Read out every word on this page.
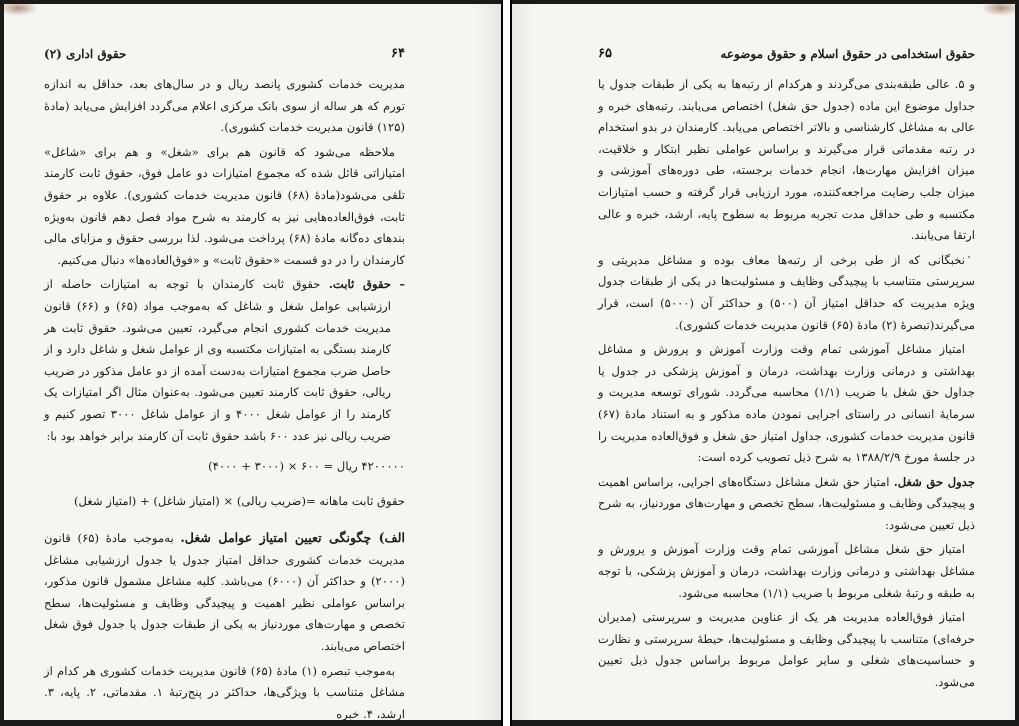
۶۴
حقوق اداری (۲)

مدیریت خدمات کشوری پانصد ریال و در سال‌های بعد، حداقل به اندازه تورم که هر ساله از سوی بانک مرکزی اعلام می‌گردد افزایش می‌یابد (مادۀ (۱۲۵) قانون مدیریت خدمات کشوری).

ملاحظه می‌شود که قانون هم برای «شغل» و هم برای «شاغل» امتیازاتی قائل شده که مجموع امتیازات دو عامل فوق، حقوق ثابت کارمند تلقی می‌شود(مادۀ (۶۸) قانون مدیریت خدمات کشوری). علاوه بر حقوق ثابت، فوق‌العاده‌هایی نیز به کارمند به شرح مواد فصل دهم قانون به‌ویژه بندهای ده‌گانه مادۀ (۶۸) پرداخت می‌شود. لذا بررسی حقوق و مزایای مالی کارمندان را در دو قسمت «حقوق ثابت» و «فوق‌العاده‌ها» دنبال می‌کنیم.

–
حقوق ثابت. حقوق ثابت کارمندان با توجه به امتیازات حاصله از ارزشیابی عوامل شغل و شاغل که به‌موجب مواد (۶۵) و (۶۶) قانون مدیریت خدمات کشوری انجام می‌گیرد، تعیین می‌شود. حقوق ثابت هر کارمند بستگی به امتیازات مکتسبه وی از عوامل شغل و شاغل دارد و از حاصل ضرب مجموع امتیازات به‌دست آمده از دو عامل مذکور در ضریب ریالی، حقوق ثابت کارمند تعیین می‌شود. به‌عنوان مثال اگر امتیازات یک کارمند را از عوامل شغل ۴۰۰۰ و از عوامل شاغل ۳۰۰۰ تصور کنیم و ضریب ریالی نیز عدد ۶۰۰ باشد حقوق ثابت آن کارمند برابر خواهد بود با:

۴۲۰۰۰۰۰ ریال = ۶۰۰ × (۳۰۰۰ + ۴۰۰۰)
حقوق ثابت ماهانه =(ضریب ریالی) × (امتیاز شاغل) + (امتیاز شغل)

الف) چگونگی تعیین امتیاز عوامل شغل. به‌موجب مادۀ (۶۵) قانون مدیریت خدمات کشوری حداقل امتیاز جدول یا جدول ارزشیابی مشاغل (۲۰۰۰) و حداکثر آن (۶۰۰۰) می‌باشد. کلیه مشاغل مشمول قانون مذکور، براساس عواملی نظیر اهمیت و پیچیدگی وظایف و مسئولیت‌ها، سطح تخصص و مهارت‌های موردنیاز به یکی از طبقات جدول یا جدول فوق شغل اختصاص می‌یابند.

به‌موجب تبصره (۱) مادۀ (۶۵) قانون مدیریت خدمات کشوری هر کدام از مشاغل متناسب با ویژگی‌ها، حداکثر در پنج‌رتبۀ ۱. مقدماتی، ۲. پایه، ۳. ارشد، ۴. خبره

حقوق استخدامی در حقوق اسلام و حقوق موضوعه
۶۵

و ۵. عالی طبقه‌بندی می‌گردند و هرکدام از رتبه‌ها به یکی از طبقات جدول یا جداول موضوع این ماده (جدول حق شغل) اختصاص می‌یابند. رتبه‌های خبره و عالی به مشاغل کارشناسی و بالاتر اختصاص می‌یابد. کارمندان در بدو استخدام در رتبه مقدماتی قرار می‌گیرند و براساس عواملی نظیر ابتکار و خلاقیت، میزان افزایش مهارت‌ها، انجام خدمات برجسته، طی دوره‌های آموزشی و میزان جلب رضایت مراجعه‌کننده، مورد ارزیابی قرار گرفته و حسب امتیازات مکتسبه و طی حداقل مدت تجربه مربوط به سطوح پایه، ارشد، خبره و عالی ارتقا می‌یابند.

نخبگانی که از طی برخی از رتبه‌ها معاف بوده و مشاغل مدیریتی و سرپرستی متناسب با پیچیدگی وظایف و مسئولیت‌ها در یکی از طبقات جدول ویژه مدیریت که حداقل امتیاز آن (۵۰۰) و حداکثر آن (۵۰۰۰) است، قرار می‌گیرند(تبصرۀ (۲) مادۀ (۶۵) قانون مدیریت خدمات کشوری).

امتیاز مشاغل آموزشی تمام وقت وزارت آموزش و پرورش و مشاغل بهداشتی و درمانی وزارت بهداشت، درمان و آموزش پزشکی در جدول یا جداول حق شغل با ضریب (۱/۱) محاسبه می‌گردد. شورای توسعه مدیریت و سرمایۀ انسانی در راستای اجرایی نمودن ماده مذکور و به استناد مادۀ (۶۷) قانون مدیریت خدمات کشوری، جداول امتیاز حق شغل و فوق‌العاده مدیریت را در جلسۀ مورخ ۱۳۸۸/۲/۹ به شرح ذیل تصویب کرده است:

جدول حق شغل. امتیاز حق شغل مشاغل دستگاه‌های اجرایی، براساس اهمیت و پیچیدگی وظایف و مسئولیت‌ها، سطح تخصص و مهارت‌های موردنیاز، به شرح ذیل تعیین می‌شود:

امتیاز حق شغل مشاغل آموزشی تمام وقت وزارت آموزش و پرورش و مشاغل بهداشتی و درمانی وزارت بهداشت، درمان و آموزش پزشکی، با توجه به طبقه و رتبۀ شغلی مربوط با ضریب (۱/۱) محاسبه می‌شود.

امتیاز فوق‌العاده مدیریت هر یک از عناوین مدیریت و سرپرستی (مدیران حرفه‌ای) متناسب با پیچیدگی وظایف و مسئولیت‌ها، حیطۀ سرپرستی و نظارت و حساسیت‌های شغلی و سایر عوامل مربوط براساس جدول ذیل تعیین می‌شود.
